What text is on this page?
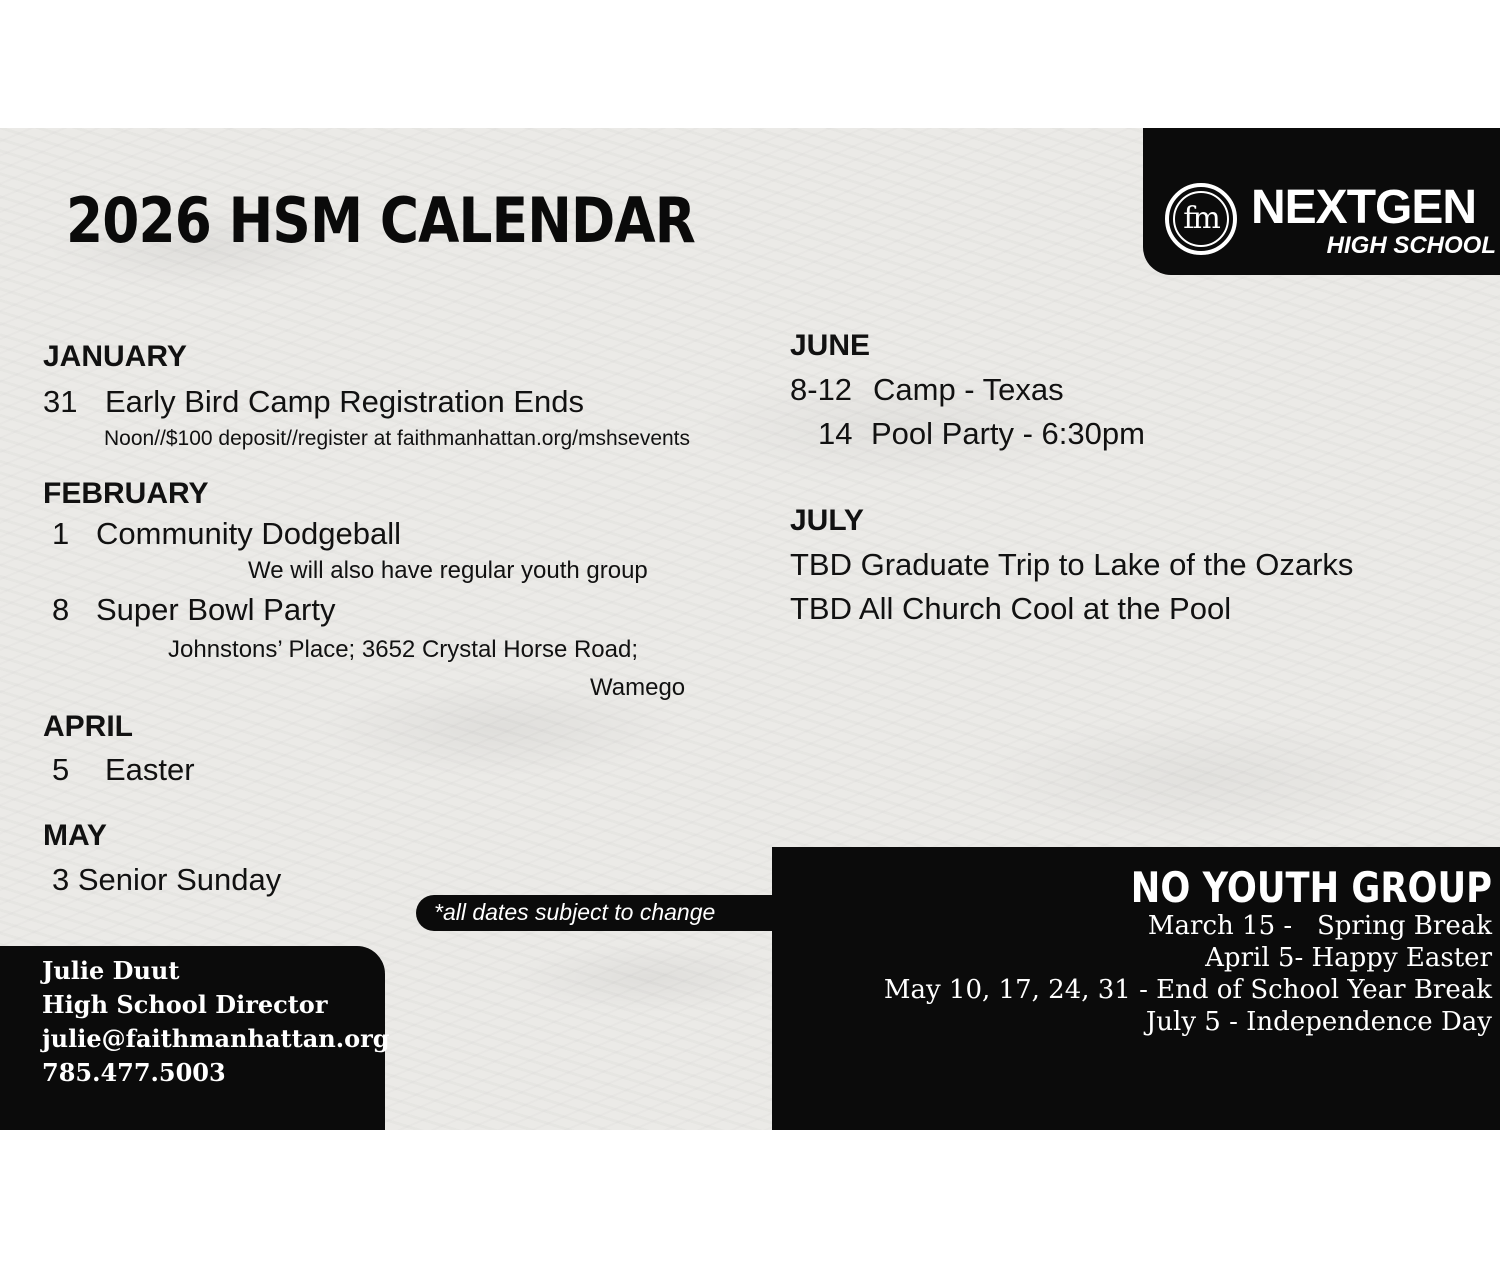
2026 HSM CALENDAR	fm NEXTGEN
HIGH SCHOOL
JANUARY
31 Early Bird Camp Registration Ends
Noon//$100 deposit//register at faithmanhattan.org/mshsevents
FEBRUARY
1 Community Dodgeball
We will also have regular youth group
8 Super Bowl Party
Johnstons’ Place; 3652 Crystal Horse Road;
Wamego
APRIL
5 Easter
MAY
3 Senior Sunday
JUNE
8-12 Camp - Texas
14 Pool Party - 6:30pm
JULY
TBD Graduate Trip to Lake of the Ozarks
TBD All Church Cool at the Pool
*all dates subject to change
Julie Duut
High School Director
julie@faithmanhattan.org
785.477.5003
NO YOUTH GROUP
March 15 -   Spring Break
April 5- Happy Easter
May 10, 17, 24, 31 - End of School Year Break
July 5 - Independence Day
